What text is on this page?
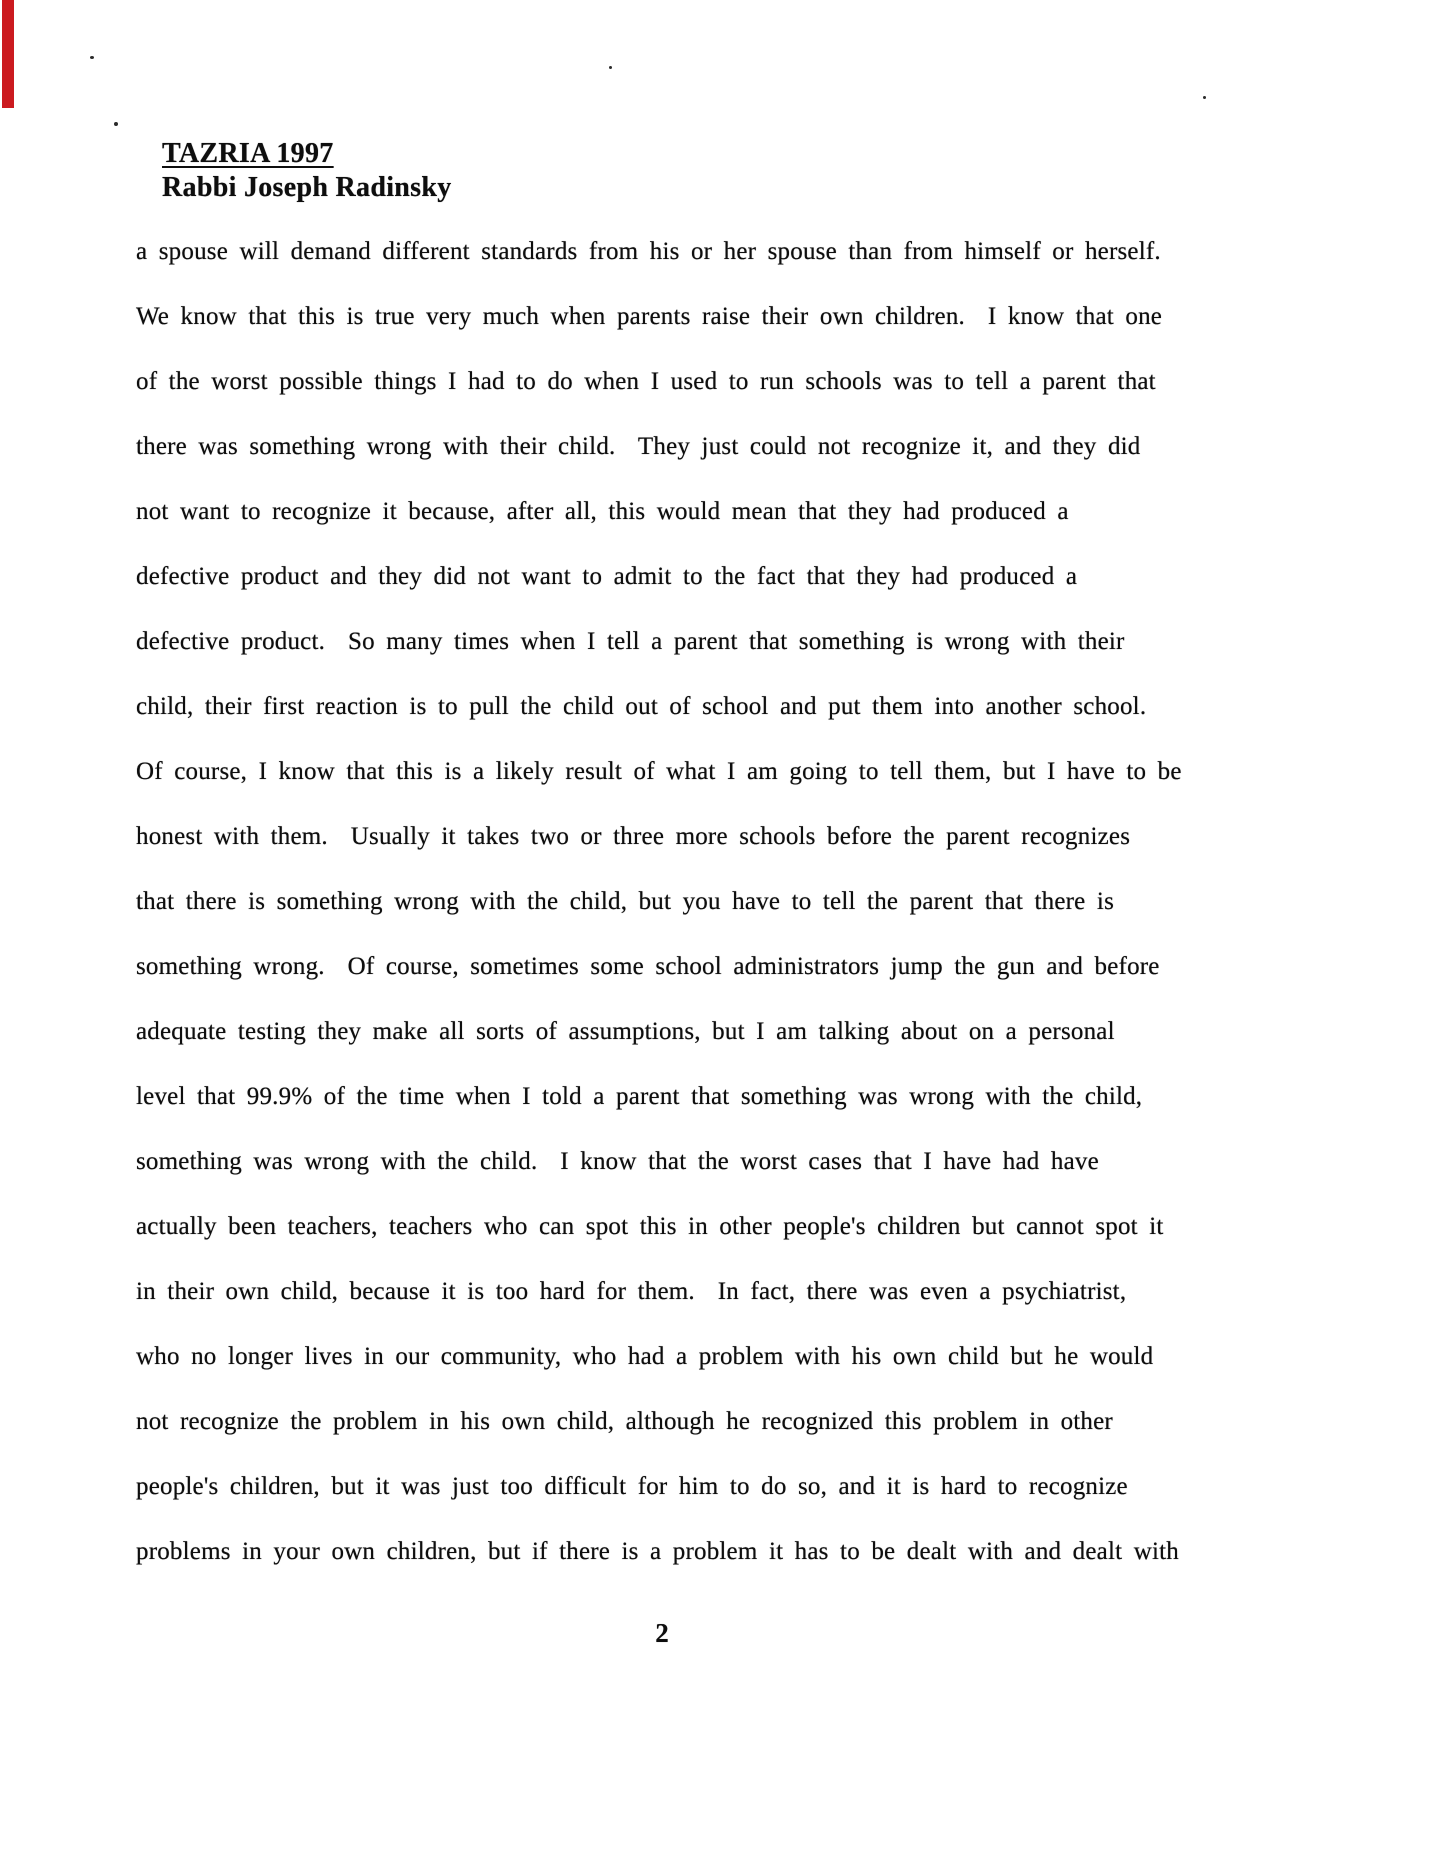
TAZRIA 1997
Rabbi Joseph Radinsky
a spouse will demand different standards from his or her spouse than from himself or herself.
We know that this is true very much when parents raise their own children.  I know that one
of the worst possible things I had to do when I used to run schools was to tell a parent that
there was something wrong with their child.  They just could not recognize it, and they did
not want to recognize it because, after all, this would mean that they had produced a
defective product and they did not want to admit to the fact that they had produced a
defective product.  So many times when I tell a parent that something is wrong with their
child, their first reaction is to pull the child out of school and put them into another school.
Of course, I know that this is a likely result of what I am going to tell them, but I have to be
honest with them.  Usually it takes two or three more schools before the parent recognizes
that there is something wrong with the child, but you have to tell the parent that there is
something wrong.  Of course, sometimes some school administrators jump the gun and before
adequate testing they make all sorts of assumptions, but I am talking about on a personal
level that 99.9% of the time when I told a parent that something was wrong with the child,
something was wrong with the child.  I know that the worst cases that I have had have
actually been teachers, teachers who can spot this in other people's children but cannot spot it
in their own child, because it is too hard for them.  In fact, there was even a psychiatrist,
who no longer lives in our community, who had a problem with his own child but he would
not recognize the problem in his own child, although he recognized this problem in other
people's children, but it was just too difficult for him to do so, and it is hard to recognize
problems in your own children, but if there is a problem it has to be dealt with and dealt with
2
